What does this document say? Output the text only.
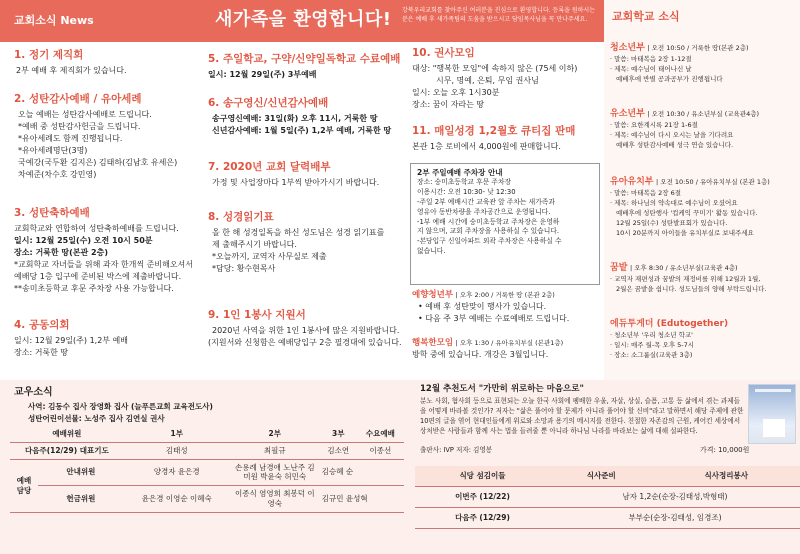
교회소식 News	새가족을 환영합니다! 강북우리교회를 찾아주신 여러분을 진심으로 환영합니다. 등록을 원하시는 분은 예배 후 새가족팀의 도움을 받으시고 담임목사님을 꼭 만나주세요.
1. 정기 제직회
2부 예배 후 제직회가 있습니다.
2. 성탄감사예배 / 유아세례
오늘 예배는 성탄감사예배로 드립니다.
*예배 중 성탄감사헌금을 드립니다.
*유아세례도 함께 진행됩니다.
*유아세례명단(3명)
국예강(국두환 김지은) 김태하(김남호 유세은)
차예준(차수호 강민영)
3. 성탄축하예배
교회학교와 연합하여 성탄축하예배를 드립니다.
일시: 12월 25일(수) 오전 10시 50분
장소: 거룩한 땅(본관 2층)
*교회학교 자녀들을 위해 과자 한개씩 준비해오셔서
예배당 1층 입구에 준비된 박스에 제출바랍니다.
**송미초등학교 후문 주차장 사용 가능합니다.
4. 공동의회
일시: 12월 29일(주) 1,2부 예배
장소: 거룩한 땅
5. 주일학교, 구약/신약일독학교 수료예배
일시: 12월 29일(주) 3부예배
6. 송구영신/신년감사예배
송구영신예배: 31일(화) 오후 11시, 거룩한 땅
신년감사예배: 1월 5일(주) 1,2부 예배, 거룩한 땅
7. 2020년 교회 달력배부
가정 및 사업장마다 1부씩 받아가시기 바랍니다.
8. 성경읽기표
올 한 해 성경일독을 하신 성도님은 성경 읽기표를
제 출해주시기 바랍니다.
*오늘까지, 교역자 사무실로 제출
*담당: 황수현목사
9. 1인 1봉사 지원서
2020년 사역을 위한 1인 1봉사에 많은 지원바랍니다.
(지원서와 신청함은 예배당입구 2층 필경대에 있습니다.
10. 권사모임
대상: "행복한 모임"에 속하지 않은 (75세 이하)
시무, 명예, 은퇴, 무임 권사님
일시: 오늘 오후 1시30분
장소: 꿈이 자라는 땅
11. 매일성경 1,2월호 큐티집 판매
본관 1층 로비에서 4,000원에 판매합니다.
2부 주일예배 주차장 안내
장소: 숭미초등학교 후문 주차장
이용시간: 오전 10:30- 낮 12:30
-주일 2부 예배시간 교육관 앞 주차는 새가족과
영유아 동반차량을 주차공간으로 운영됩니다.
-1부 예배 시간에 숭미초등학교 주차장은 운영하
지 않으며, 교회 주차장을 사용하실 수 있습니다.
-본당입구 신일아파트 외곽 주차장은 사용하실 수
없습니다.
예향청년부 | 오후 2:00 / 거룩한 땅 (본관 2층)
• 예배 후 성탄맞이 행사가 있습니다.
• 다음 주 3부 예배는 수료예배로 드립니다.
행복한모임 | 오후 1:30 / 유아유치부실 (본관1층)
방학 중에 있습니다. 개강은 3월입니다.
교회학교 소식
청소년부 | 오전 10:50 / 거룩한 땅(본관 2층)
· 말씀: 마태복음 2장 1-12절
· 제목: 예수님이 태어나신 날
예배후에 반별 공과공부가 진행됩니다
유소년부 | 오전 10:30 / 유소년부실 (교육관4층)
· 말씀: 요한계시록 21장 1-6절
· 제목: 예수님이 다시 오시는 날을 기다려요
예배후 성탄감사예배 성극 연습 있습니다.
유아유치부 | 오전 10:50 / 유아유치부실 (본관 1층)
· 말씀: 마태복음 2장 6절
· 제목: 하나님의 약속대로 예수님이 오셨어요
예배후에 성탄행사 '컵케익 꾸미기' 활동 있습니다.
12월 25일(수) 성탄발표회가 있습니다.
10시 20분까지 아이들을 유치부실로 보내주세요
꿈밭 | 오후 8:30 / 유소년부실(교육관 4층)
· 교역자 재편성과 꿈밭의 재정비를 위해 12월과 1월,
2월은 꿈밭을 쉽니다. 성도님들의 양해 부탁드립니다.
에듀투게더 (Edutogether)
· 청소년부 '우리 청소년 학교'
· 일시: 매주 월-목 오후 5-7시
· 장소: 소그룹실(교육관 3층)
교우소식
사역: 김동수 집사 장영화 집사 (늘푸른교회 교육전도사)
성탄어린이선물: 노성주 집사 김연실 권사
예배위원		1부	2부	3부	수요예배
다음주(12/29) 대표기도		김태성	최필규	김소연	이종선
예배 담당	안내위원	양경자 윤은경	손용례 남경애 노난주 김미원 박윤숙 허민숙	김승혜 순	
	헌금위원	윤은경 이영순 이혜숙	이종식 염영희 최봉덕 이영숙	김규민 윤성혁	
12월 추천도서 "가만히 위로하는 마음으로"
분노 사회, 혐사회 등으로 표현되는 오늘 한국 사회에 팽배한 우울, 자살, 상실, 슬픔, 고통 등 삶에서 겪는 과제들을 어떻게 바라볼 것인가? 저자는 "삶은 풀어야 할 문제가 아니라 풀어야 할 신비"라고 말하면서 해당 주제에 관한 10편의 글을 엮어 현대인들에게 위로와 소망과 용기의 메시지를 전한다. 친절한 자존감의 근원, 케어킨 세상에서 상처받은 사람들과 함께 사는 법을 들려줄 뿐 아니라 하나님 나라를 바라보는 삶에 대해 설파한다.
출판사: IVP 저자: 김영봉	가격: 10,000원
식당 섬김이들	식사준비	식사정리봉사
이번주 (12/22)	남자 1,2순(순장-김태성,박형태)	
다음주 (12/29)	부부순(순장-김태성, 임경조)	
